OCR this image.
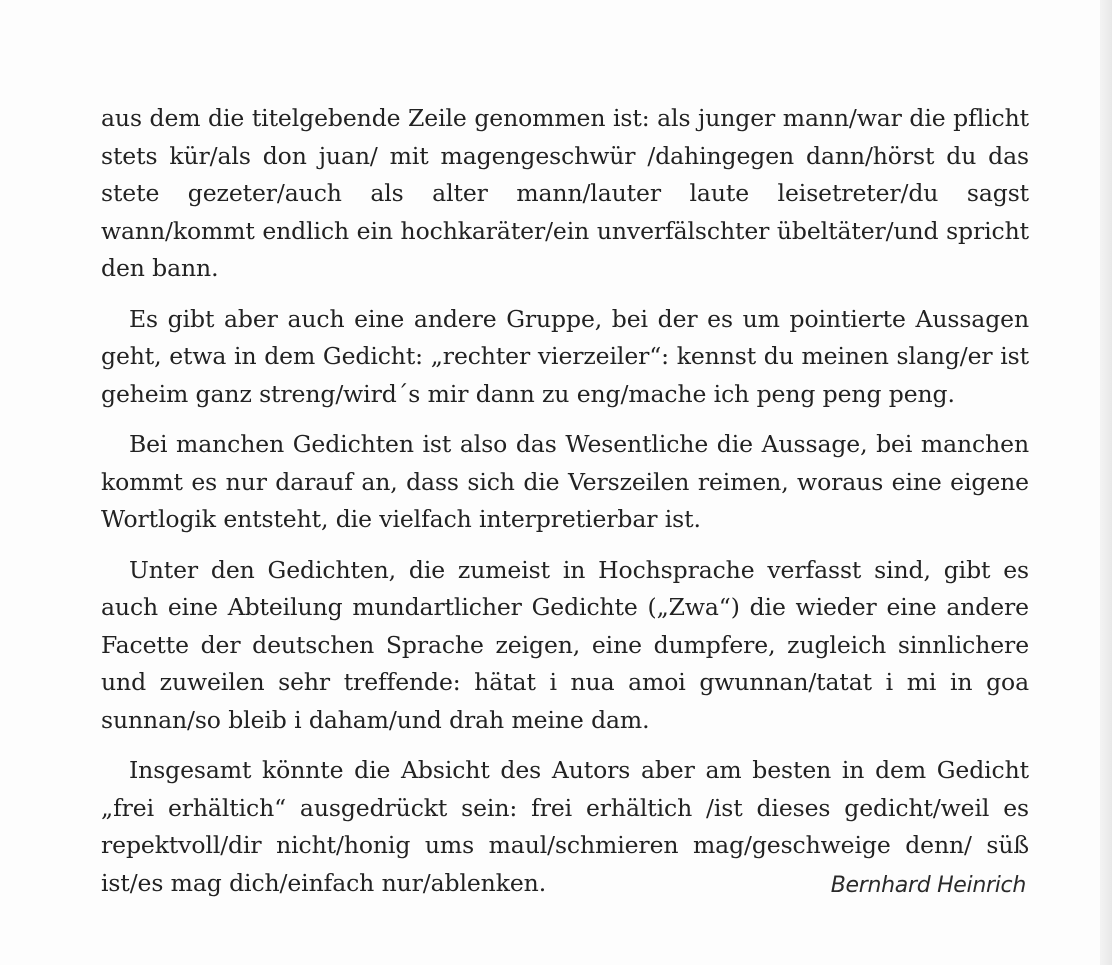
aus dem die titelgebende Zeile genommen ist: als junger mann/war die pflicht stets kür/als don juan/ mit magengeschwür /dahingegen dann/hörst du das stete gezeter/auch als alter mann/lauter laute leisetreter/du sagst wann/kommt endlich ein hochkaräter/ein unverfälschter übeltäter/und spricht den bann.

Es gibt aber auch eine andere Gruppe, bei der es um pointierte Aussagen geht, etwa in dem Gedicht: „rechter vierzeiler“: kennst du meinen slang/er ist geheim ganz streng/wird´s mir dann zu eng/mache ich peng peng peng.

Bei manchen Gedichten ist also das Wesentliche die Aussage, bei manchen kommt es nur darauf an, dass sich die Verszeilen reimen, woraus eine eigene Wortlogik entsteht, die vielfach interpretierbar ist.

Unter den Gedichten, die zumeist in Hochsprache verfasst sind, gibt es auch eine Abteilung mundartlicher Gedichte („Zwa“) die wieder eine andere Facette der deutschen Sprache zeigen, eine dumpfere, zugleich sinnlichere und zuweilen sehr treffende: hätat i nua amoi gwunnan/tatat i mi in goa sunnan/so bleib i daham/und drah meine dam.

Insgesamt könnte die Absicht des Autors aber am besten in dem Gedicht „frei erhältich“ ausgedrückt sein: frei erhältich /ist dieses gedicht/weil es repektvoll/dir nicht/honig ums maul/schmieren mag/geschweige denn/ süß ist/es mag dich/einfach nur/ablenken.	Bernhard Heinrich
